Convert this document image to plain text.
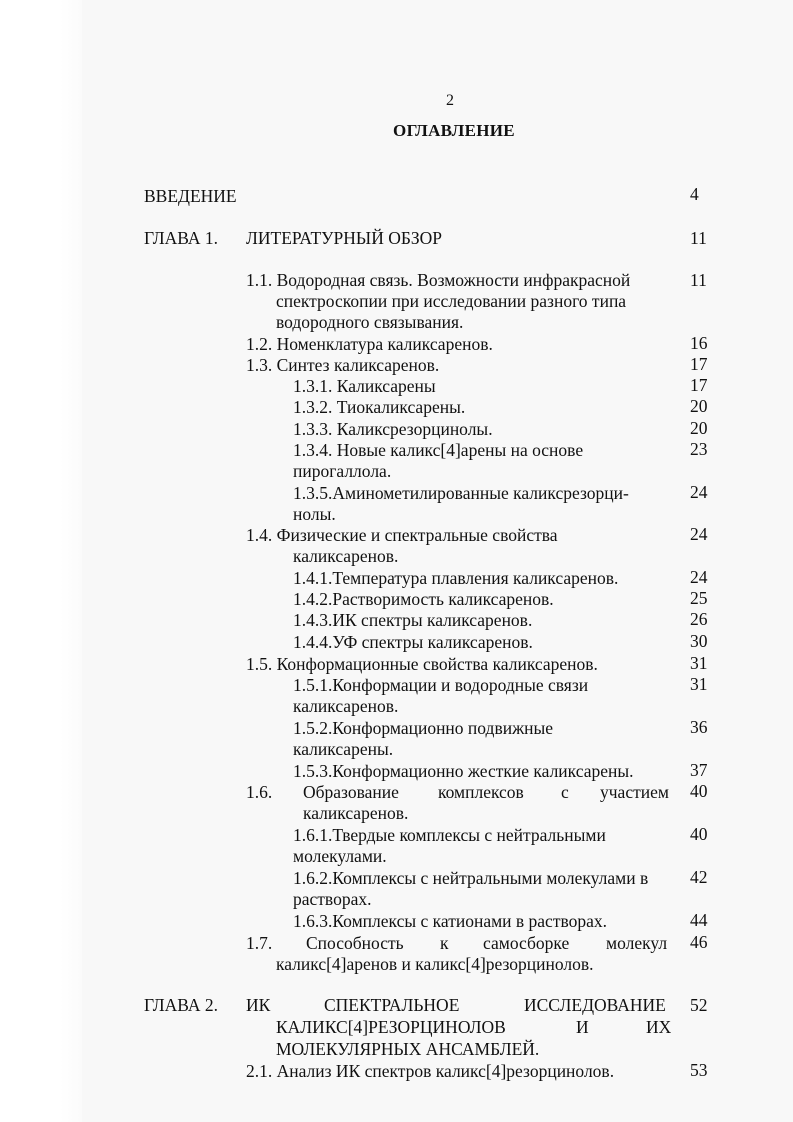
2
ОГЛАВЛЕНИЕ
ВВЕДЕНИЕ	4
ГЛАВА 1. ЛИТЕРАТУРНЫЙ ОБЗОР	11
1.1. Водородная связь. Возможности инфракрасной
спектроскопии при исследовании разного типа
водородного связывания.
11
1.2. Номенклатура каликсаренов.	16
1.3. Синтез каликсаренов.	17
1.3.1. Каликсарены	17
1.3.2. Тиокаликсарены.	20
1.3.3. Каликсрезорцинолы.	20
1.3.4. Новые каликс[4]арены на основе
пирогаллола.
23
1.3.5.Аминометилированные каликсрезорци-
нолы.
24
1.4. Физические и спектральные свойства
каликсаренов.
24
1.4.1.Температура плавления каликсаренов.	24
1.4.2.Растворимость каликсаренов.	25
1.4.3.ИК спектры каликсаренов.	26
1.4.4.УФ спектры каликсаренов.	30
1.5. Конформационные свойства каликсаренов.	31
1.5.1.Конформации и водородные связи
каликсаренов.
31
1.5.2.Конформационно подвижные
каликсарены.
36
1.5.3.Конформационно жесткие каликсарены.	37
1.6. Образование комплексов с участием
каликсаренов.
40
1.6.1.Твердые комплексы с нейтральными
молекулами.
40
1.6.2.Комплексы с нейтральными молекулами в
растворах.
42
1.6.3.Комплексы с катионами в растворах.	44
1.7. Способность к самосборке молекул
каликс[4]аренов и каликс[4]резорцинолов.
46
ГЛАВА 2. ИК	СПЕКТРАЛЬНОЕ	ИССЛЕДОВАНИЕ
КАЛИКС[4]РЕЗОРЦИНОЛОВ	И	ИХ
МОЛЕКУЛЯРНЫХ АНСАМБЛЕЙ.
52
2.1. Анализ ИК спектров каликс[4]резорцинолов.	53
